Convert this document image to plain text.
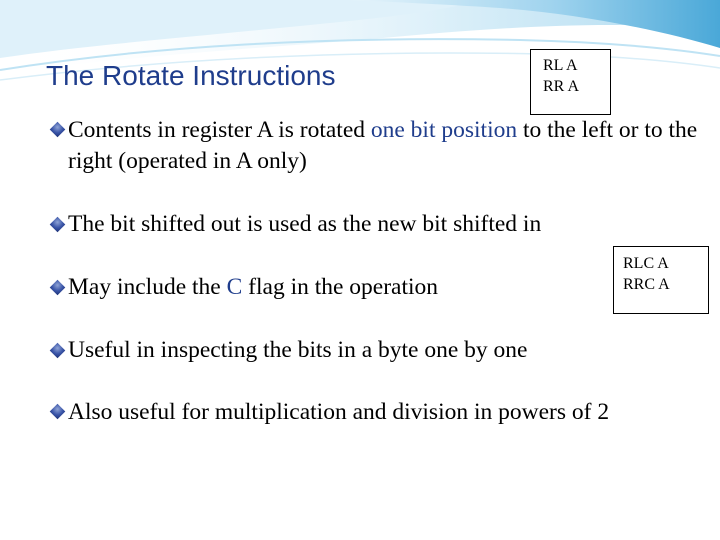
The Rotate Instructions	RL A
RR A
RLC A
RRC A
Contents in register A is rotated one bit position to the left or to the right (operated in A only)
The bit shifted out is used as the new bit shifted in
May include the C flag in the operation
Useful in inspecting the bits in a byte one by one
Also useful for multiplication and division in powers of 2
